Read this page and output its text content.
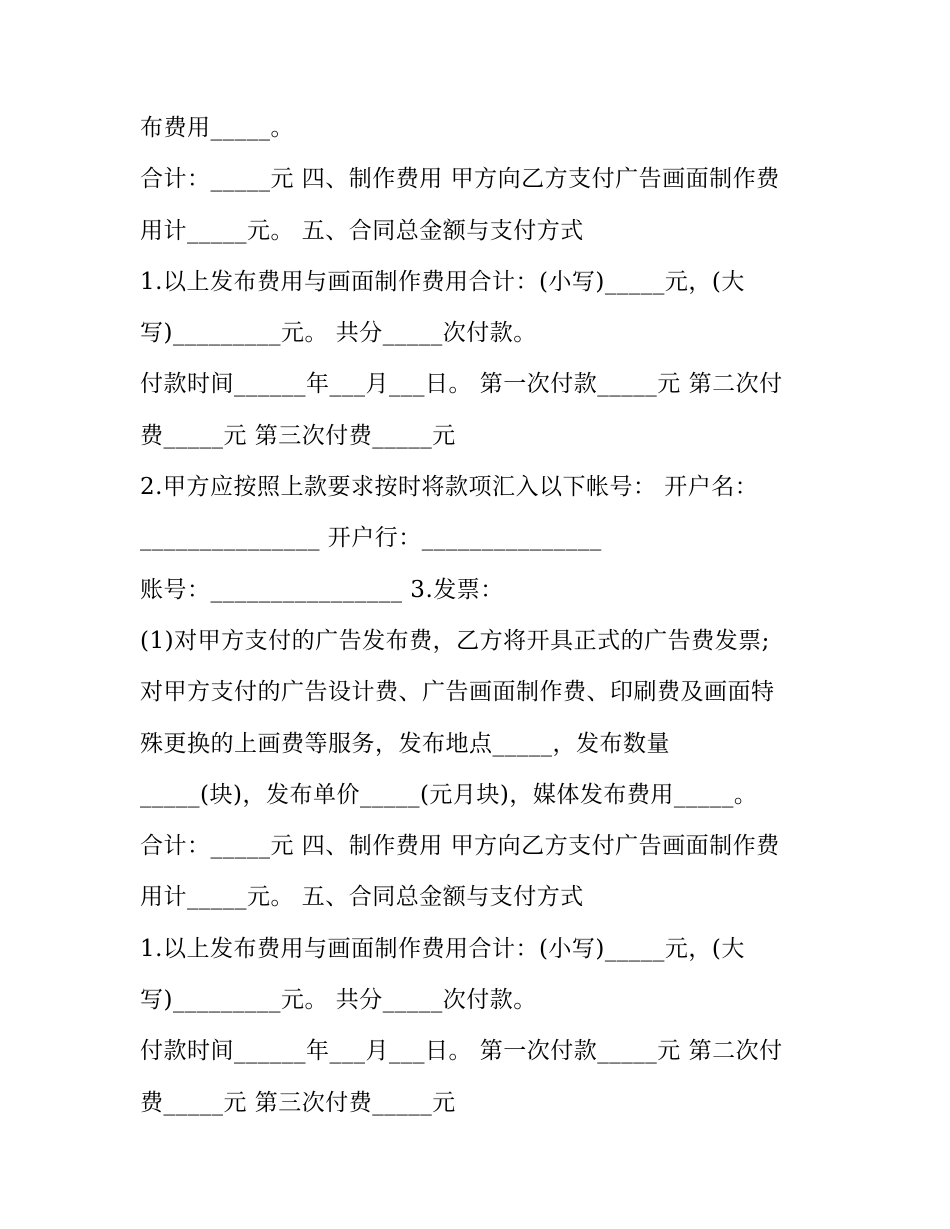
布费用_____。
合计：_____元 四、制作费用 甲方向乙方支付广告画面制作费
用计_____元。 五、合同总金额与支付方式
1.以上发布费用与画面制作费用合计：(小写)_____元，(大
写)_________元。 共分_____次付款。
付款时间______年___月___日。 第一次付款_____元 第二次付
费_____元 第三次付费_____元
2.甲方应按照上款要求按时将款项汇入以下帐号： 开户名：
_______________ 开户行：_______________
账号：________________ 3.发票：
(1)对甲方支付的广告发布费，乙方将开具正式的广告费发票;
对甲方支付的广告设计费、广告画面制作费、印刷费及画面特
殊更换的上画费等服务，发布地点_____，发布数量
_____(块)，发布单价_____(元月块)，媒体发布费用_____。
合计：_____元 四、制作费用 甲方向乙方支付广告画面制作费
用计_____元。 五、合同总金额与支付方式
1.以上发布费用与画面制作费用合计：(小写)_____元，(大
写)_________元。 共分_____次付款。
付款时间______年___月___日。 第一次付款_____元 第二次付
费_____元 第三次付费_____元
